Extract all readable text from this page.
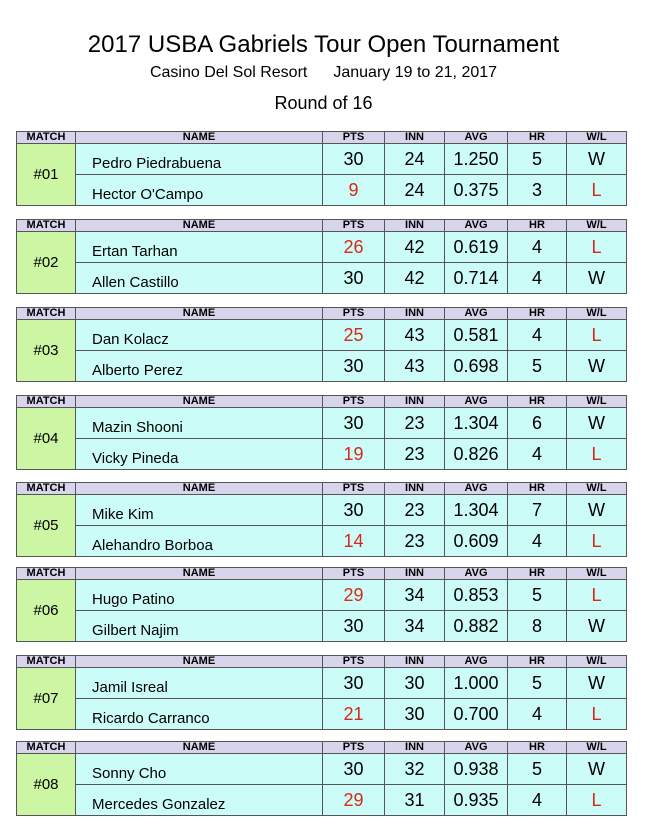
2017 USBA Gabriels Tour Open Tournament
Casino Del Sol Resort January 19 to 21, 2017
Round of 16
MATCH	NAME	PTS	INN	AVG	HR	W/L
#01	Pedro Piedrabuena	30	24	1.250	5	W
	Hector O'Campo	9	24	0.375	3	L
MATCH	NAME	PTS	INN	AVG	HR	W/L
#02	Ertan Tarhan	26	42	0.619	4	L
	Allen Castillo	30	42	0.714	4	W
MATCH	NAME	PTS	INN	AVG	HR	W/L
#03	Dan Kolacz	25	43	0.581	4	L
	Alberto Perez	30	43	0.698	5	W
MATCH	NAME	PTS	INN	AVG	HR	W/L
#04	Mazin Shooni	30	23	1.304	6	W
	Vicky Pineda	19	23	0.826	4	L
MATCH	NAME	PTS	INN	AVG	HR	W/L
#05	Mike Kim	30	23	1.304	7	W
	Alehandro Borboa	14	23	0.609	4	L
MATCH	NAME	PTS	INN	AVG	HR	W/L
#06	Hugo Patino	29	34	0.853	5	L
	Gilbert Najim	30	34	0.882	8	W
MATCH	NAME	PTS	INN	AVG	HR	W/L
#07	Jamil Isreal	30	30	1.000	5	W
	Ricardo Carranco	21	30	0.700	4	L
MATCH	NAME	PTS	INN	AVG	HR	W/L
#08	Sonny Cho	30	32	0.938	5	W
	Mercedes Gonzalez	29	31	0.935	4	L
